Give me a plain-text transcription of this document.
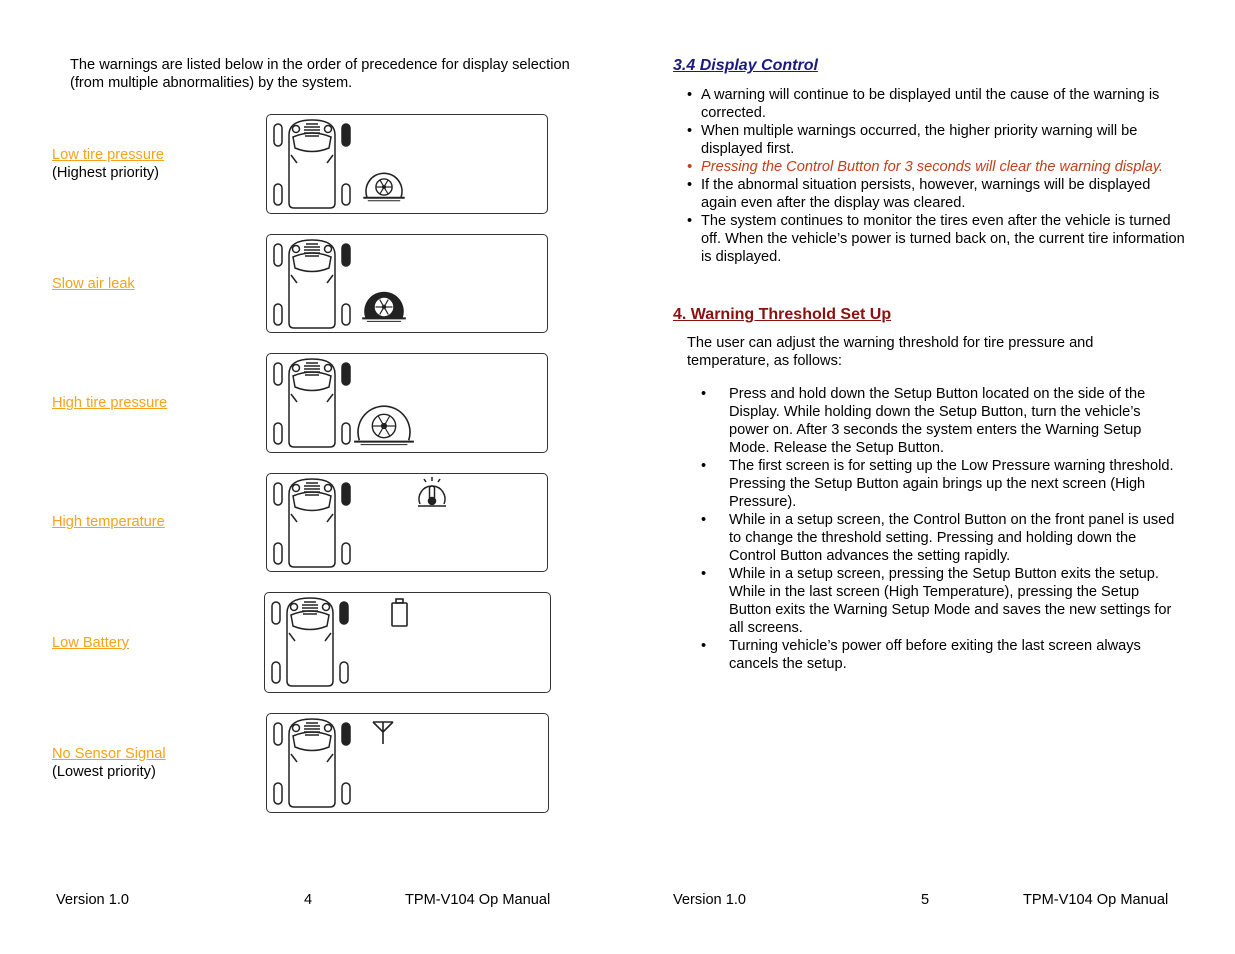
The warnings are listed below in the order of precedence for display selection (from multiple abnormalities) by the system.
Low tire pressure
(Highest priority)
Slow air leak
High tire pressure
High temperature
Low Battery
No Sensor Signal
(Lowest priority)
Version 1.0	4	TPM-V104 Op Manual
3.4 Display Control
• A warning will continue to be displayed until the cause of the warning is corrected.
• When multiple warnings occurred, the higher priority warning will be displayed first.
• Pressing the Control Button for 3 seconds will clear the warning display.
• If the abnormal situation persists, however, warnings will be displayed again even after the display was cleared.
• The system continues to monitor the tires even after the vehicle is turned off. When the vehicle’s power is turned back on, the current tire information is displayed.
4. Warning Threshold Set Up
The user can adjust the warning threshold for tire pressure and temperature, as follows:
• Press and hold down the Setup Button located on the side of the Display. While holding down the Setup Button, turn the vehicle’s power on. After 3 seconds the system enters the Warning Setup Mode. Release the Setup Button.
• The first screen is for setting up the Low Pressure warning threshold. Pressing the Setup Button again brings up the next screen (High Pressure).
• While in a setup screen, the Control Button on the front panel is used to change the threshold setting. Pressing and holding down the Control Button advances the setting rapidly.
• While in a setup screen, pressing the Setup Button exits the setup. While in the last screen (High Temperature), pressing the Setup Button exits the Warning Setup Mode and saves the new settings for all screens.
• Turning vehicle’s power off before exiting the last screen always cancels the setup.
Version 1.0	5	TPM-V104 Op Manual
